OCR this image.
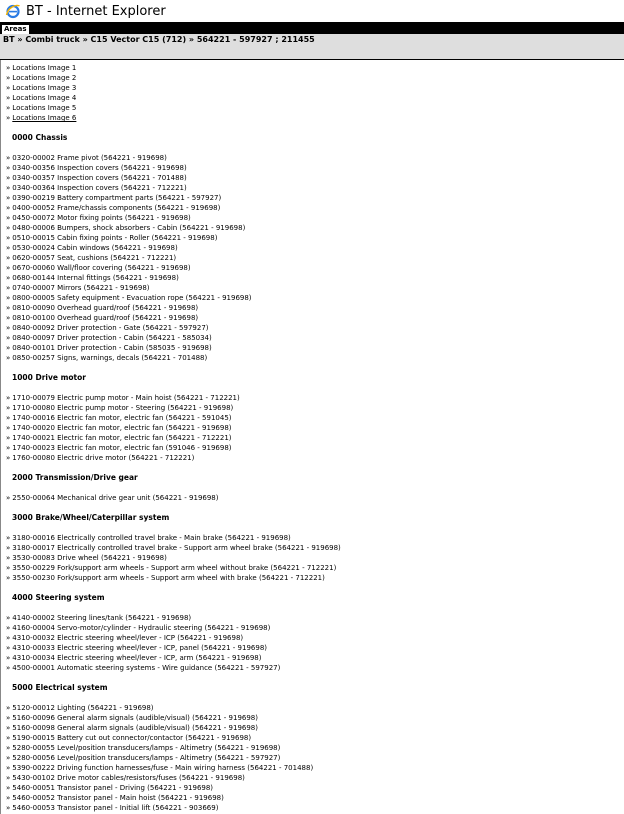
BT - Internet Explorer
Areas
BT » Combi truck » C15 Vector C15 (712) » 564221 - 597927 ; 211455
» Locations Image 1
» Locations Image 2
» Locations Image 3
» Locations Image 4
» Locations Image 5
» Locations Image 6
0000 Chassis
» 0320-00002 Frame pivot (564221 - 919698)
» 0340-00356 Inspection covers (564221 - 919698)
» 0340-00357 Inspection covers (564221 - 701488)
» 0340-00364 Inspection covers (564221 - 712221)
» 0390-00219 Battery compartment parts (564221 - 597927)
» 0400-00052 Frame/chassis components (564221 - 919698)
» 0450-00072 Motor fixing points (564221 - 919698)
» 0480-00006 Bumpers, shock absorbers - Cabin (564221 - 919698)
» 0510-00015 Cabin fixing points - Roller (564221 - 919698)
» 0530-00024 Cabin windows (564221 - 919698)
» 0620-00057 Seat, cushions (564221 - 712221)
» 0670-00060 Wall/floor covering (564221 - 919698)
» 0680-00144 Internal fittings (564221 - 919698)
» 0740-00007 Mirrors (564221 - 919698)
» 0800-00005 Safety equipment - Evacuation rope (564221 - 919698)
» 0810-00090 Overhead guard/roof (564221 - 919698)
» 0810-00100 Overhead guard/roof (564221 - 919698)
» 0840-00092 Driver protection - Gate (564221 - 597927)
» 0840-00097 Driver protection - Cabin (564221 - 585034)
» 0840-00101 Driver protection - Cabin (585035 - 919698)
» 0850-00257 Signs, warnings, decals (564221 - 701488)
1000 Drive motor
» 1710-00079 Electric pump motor - Main hoist (564221 - 712221)
» 1710-00080 Electric pump motor - Steering (564221 - 919698)
» 1740-00016 Electric fan motor, electric fan (564221 - 591045)
» 1740-00020 Electric fan motor, electric fan (564221 - 919698)
» 1740-00021 Electric fan motor, electric fan (564221 - 712221)
» 1740-00023 Electric fan motor, electric fan (591046 - 919698)
» 1760-00080 Electric drive motor (564221 - 712221)
2000 Transmission/Drive gear
» 2550-00064 Mechanical drive gear unit (564221 - 919698)
3000 Brake/Wheel/Caterpillar system
» 3180-00016 Electrically controlled travel brake - Main brake (564221 - 919698)
» 3180-00017 Electrically controlled travel brake - Support arm wheel brake (564221 - 919698)
» 3530-00083 Drive wheel (564221 - 919698)
» 3550-00229 Fork/support arm wheels - Support arm wheel without brake (564221 - 712221)
» 3550-00230 Fork/support arm wheels - Support arm wheel with brake (564221 - 712221)
4000 Steering system
» 4140-00002 Steering lines/tank (564221 - 919698)
» 4160-00004 Servo-motor/cylinder - Hydraulic steering (564221 - 919698)
» 4310-00032 Electric steering wheel/lever - ICP (564221 - 919698)
» 4310-00033 Electric steering wheel/lever - ICP, panel (564221 - 919698)
» 4310-00034 Electric steering wheel/lever - ICP, arm (564221 - 919698)
» 4500-00001 Automatic steering systems - Wire guidance (564221 - 597927)
5000 Electrical system
» 5120-00012 Lighting (564221 - 919698)
» 5160-00096 General alarm signals (audible/visual) (564221 - 919698)
» 5160-00098 General alarm signals (audible/visual) (564221 - 919698)
» 5190-00015 Battery cut out connector/contactor (564221 - 919698)
» 5280-00055 Level/position transducers/lamps - Altimetry (564221 - 919698)
» 5280-00056 Level/position transducers/lamps - Altimetry (564221 - 597927)
» 5390-00222 Driving function harnesses/fuse - Main wiring harness (564221 - 701488)
» 5430-00102 Drive motor cables/resistors/fuses (564221 - 919698)
» 5460-00051 Transistor panel - Driving (564221 - 919698)
» 5460-00052 Transistor panel - Main hoist (564221 - 919698)
» 5460-00053 Transistor panel - Initial lift (564221 - 903669)
